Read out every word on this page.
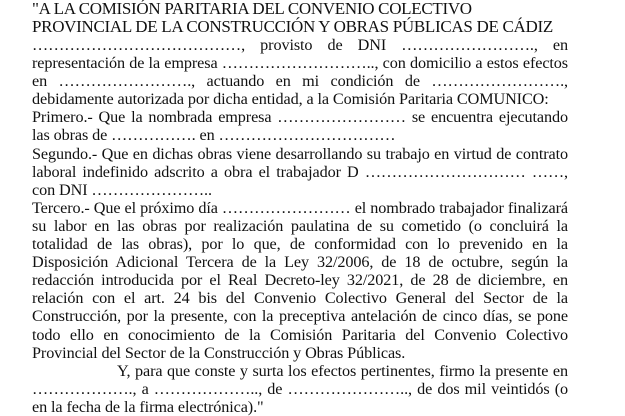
"A LA COMISIÓN PARITARIA DEL CONVENIO COLECTIVO PROVINCIAL DE LA CONSTRUCCIÓN Y OBRAS PÚBLICAS DE CÁDIZ

…………………………………, provisto de DNI ……………………., en representación de la empresa ……………………….., con domicilio a estos efectos en ……………………., actuando en mi condición de ……………………., debidamente autorizada por dicha entidad, a la Comisión Paritaria COMUNICO:

Primero.- Que la nombrada empresa …………………… se encuentra ejecutando las obras de ……………. en ……………………………

Segundo.- Que en dichas obras viene desarrollando su trabajo en virtud de contrato laboral indefinido adscrito a obra el trabajador D ………………………… ……, con DNI …………………..

Tercero.- Que el próximo día …………………… el nombrado trabajador finalizará su labor en las obras por realización paulatina de su cometido (o concluirá la totalidad de las obras), por lo que, de conformidad con lo prevenido en la Disposición Adicional Tercera de la Ley 32/2006, de 18 de octubre, según la redacción introducida por el Real Decreto-ley 32/2021, de 28 de diciembre, en relación con el art. 24 bis del Convenio Colectivo General del Sector de la Construcción, por la presente, con la preceptiva antelación de cinco días, se pone todo ello en conocimiento de la Comisión Paritaria del Convenio Colectivo Provincial del Sector de la Construcción y Obras Públicas.

Y, para que conste y surta los efectos pertinentes, firmo la presente en ………………., a ……………….., de ………………….., de dos mil veintidós (o en la fecha de la firma electrónica)."
